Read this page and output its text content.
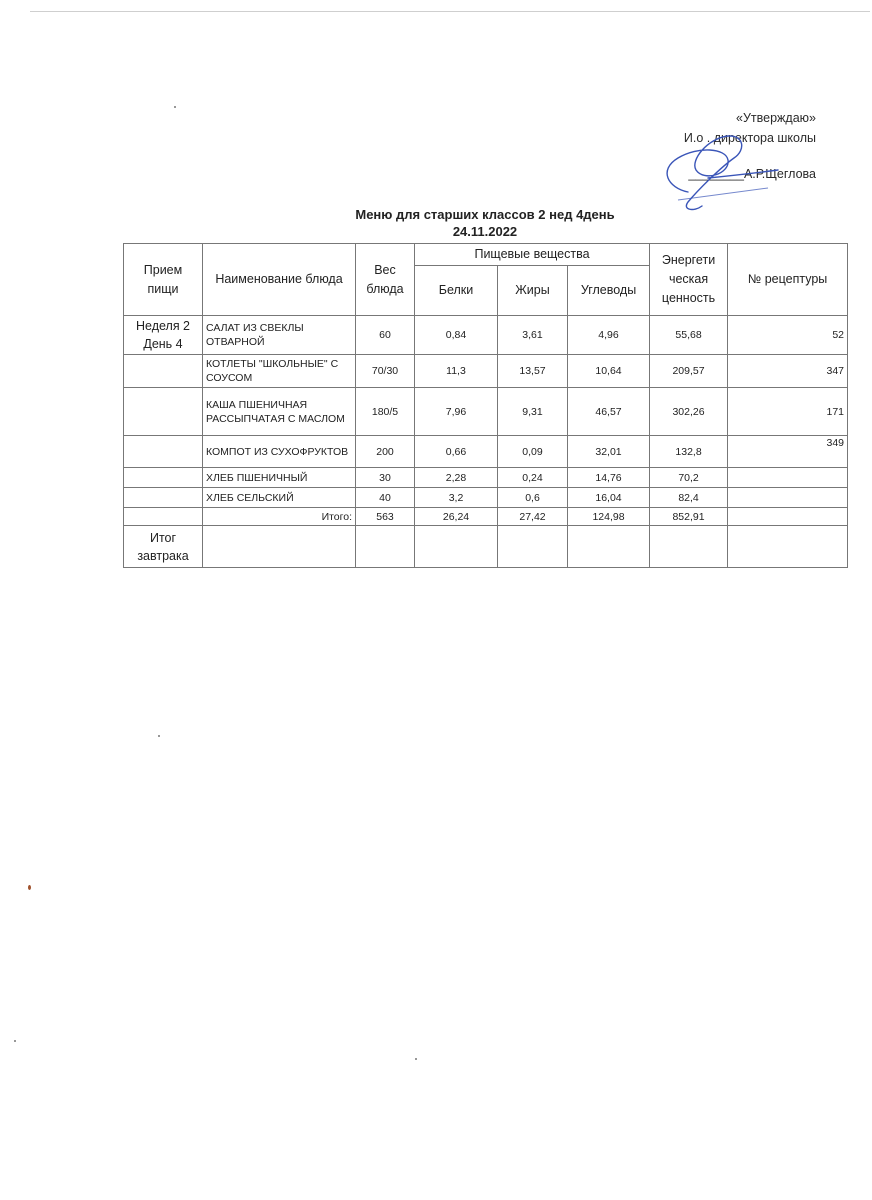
«Утверждаю»
И.о . директора школы
________А.Р.Щеглова
Меню для старших классов 2 нед 4день
24.11.2022
Прием пищи	Наименование блюда	Вес блюда	Пищевые вещества			Энергети ческая ценность	№ рецептуры
			Белки	Жиры	Углеводы		
Неделя 2 День 4	САЛАТ ИЗ СВЕКЛЫ ОТВАРНОЙ	60	0,84	3,61	4,96	55,68	52
	КОТЛЕТЫ "ШКОЛЬНЫЕ" С СОУСОМ	70/30	11,3	13,57	10,64	209,57	347
	КАША ПШЕНИЧНАЯ РАССЫПЧАТАЯ С МАСЛОМ	180/5	7,96	9,31	46,57	302,26	171
	КОМПОТ ИЗ СУХОФРУКТОВ	200	0,66	0,09	32,01	132,8	349
	ХЛЕБ ПШЕНИЧНЫЙ	30	2,28	0,24	14,76	70,2	
	ХЛЕБ СЕЛЬСКИЙ	40	3,2	0,6	16,04	82,4	
	Итого:	563	26,24	27,42	124,98	852,91	
Итог завтрака							
